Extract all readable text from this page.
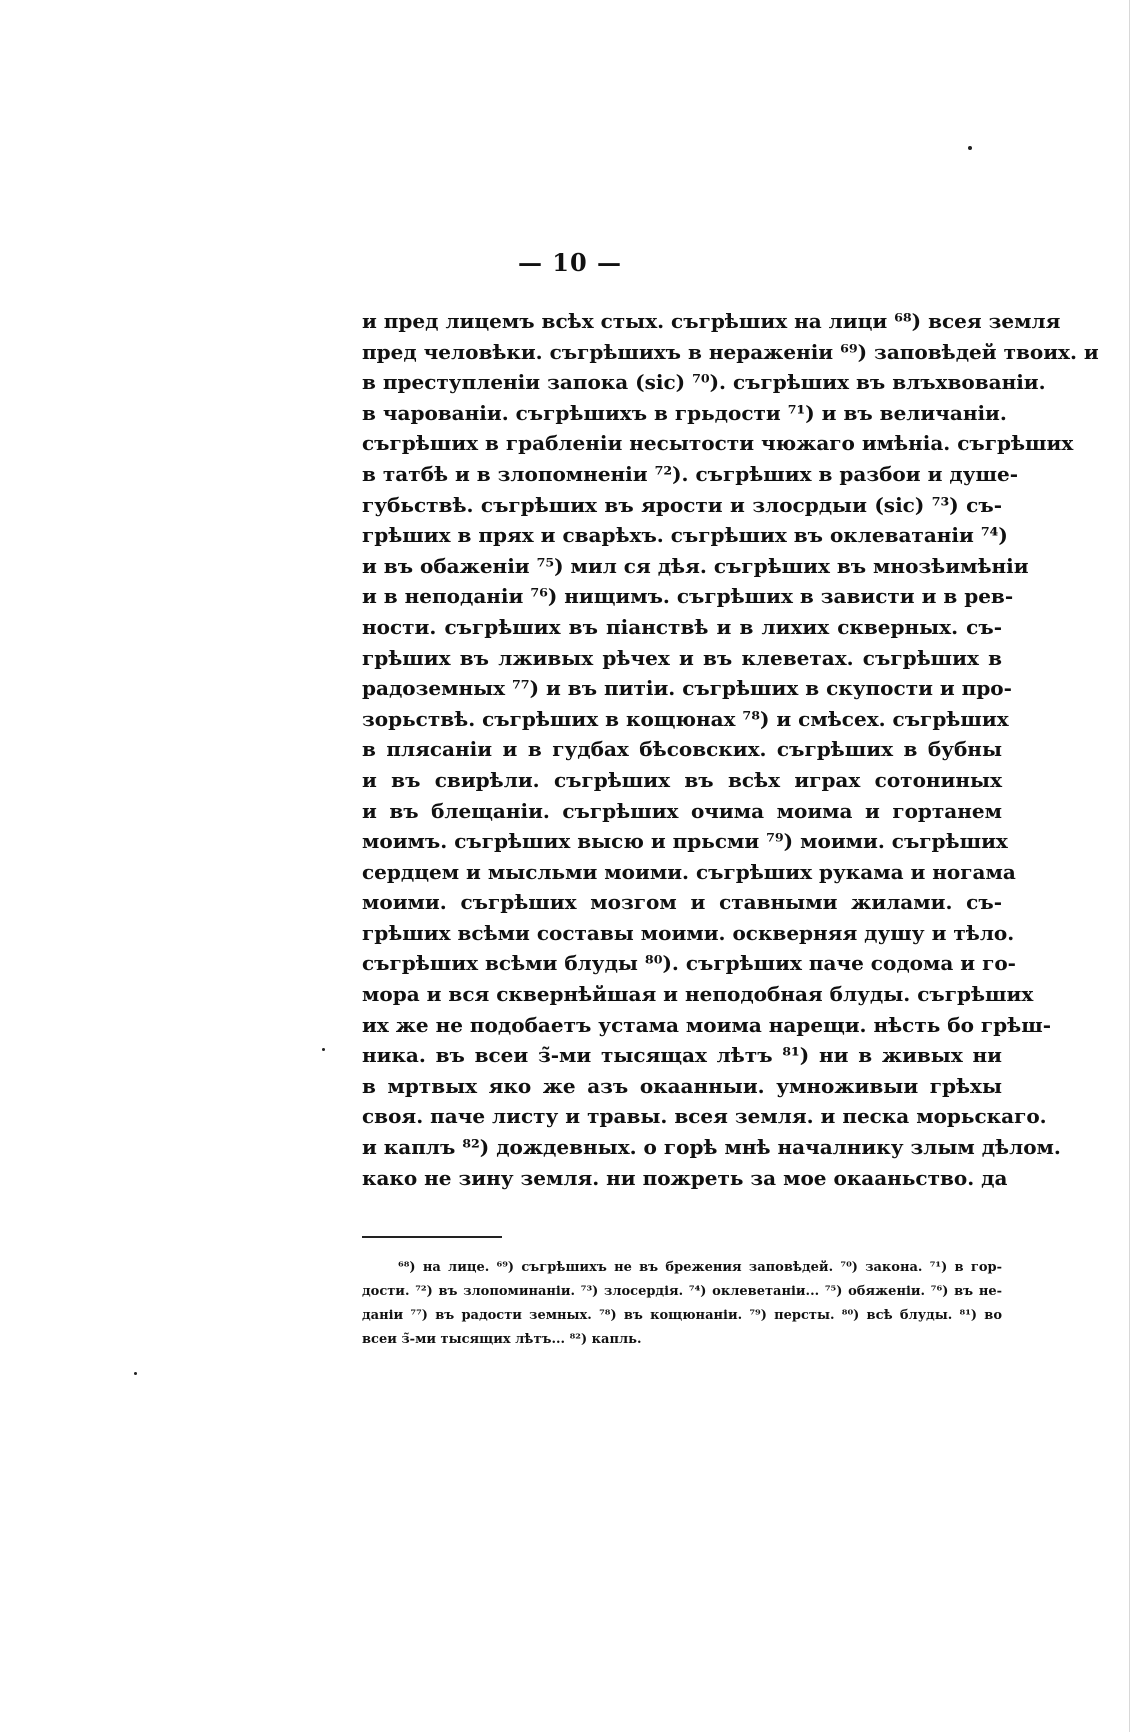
— 10 —
и пред лицемъ всѣх стых. съгрѣших на лици ⁶⁸) всея земля
пред человѣки. съгрѣшихъ в нераженіи ⁶⁹) заповѣдей твоих. и
в преступленіи запока (sic) ⁷⁰). съгрѣших въ влъхвованіи.
в чарованіи. съгрѣшихъ в грьдости ⁷¹) и въ величаніи.
съгрѣших в грабленіи несытости чюжаго имѣніа. съгрѣших
в татбѣ и в злопомненіи ⁷²). съгрѣших в разбои и душе-
губьствѣ. съгрѣших въ ярости и злосрдыи (sic) ⁷³) съ-
грѣших в прях и сварѣхъ. съгрѣших въ оклеватаніи ⁷⁴)
и въ обаженіи ⁷⁵) мил ся дѣя. съгрѣших въ мнозѣимѣніи
и в неподаніи ⁷⁶) нищимъ. съгрѣших в зависти и в рев-
ности. съгрѣших въ піанствѣ и в лихих скверных. съ-
грѣших въ лживых рѣчех и въ клеветах. съгрѣших в
радоземных ⁷⁷) и въ питіи. съгрѣших в скупости и про-
зорьствѣ. съгрѣших в кощюнах ⁷⁸) и смѣсех. съгрѣших
в плясаніи и в гудбах бѣсовских. съгрѣших в бубны
и въ свирѣли. съгрѣших въ всѣх играх сотониных
и въ блещаніи. съгрѣших очима моима и гортанем
моимъ. съгрѣших высю и прьсми ⁷⁹) моими. съгрѣших
сердцем и мысльми моими. съгрѣших рукама и ногама
моими. съгрѣших мозгом и ставными жилами. съ-
грѣших всѣми составы моими. оскверняя душу и тѣло.
съгрѣших всѣми блуды ⁸⁰). съгрѣших паче содома и го-
мора и вся сквернѣйшая и неподобная блуды. съгрѣших
их же не подобаетъ устама моима нарещи. нѣсть бо грѣш-
ника. въ всеи з̃-ми тысящах лѣтъ ⁸¹) ни в живых ни
в мртвых яко же азъ окаанныи. умноживыи грѣхы
своя. паче листу и травы. всея земля. и песка морьскаго.
и каплъ ⁸²) дождевных. о горѣ мнѣ началнику злым дѣлом.
како не зину земля. ни пожреть за мое окааньство. да
⁶⁸) на лице. ⁶⁹) съгрѣшихъ не въ брежения заповѣдей. ⁷⁰) закона. ⁷¹) в гор-
дости. ⁷²) въ злопоминаніи. ⁷³) злосердія. ⁷⁴) оклеветаніи... ⁷⁵) обяженіи. ⁷⁶) въ не-
даніи ⁷⁷) въ радости земных. ⁷⁸) въ кощюнаніи. ⁷⁹) персты. ⁸⁰) всѣ блуды. ⁸¹) во
всеи з̃-ми тысящих лѣтъ... ⁸²) капль.
